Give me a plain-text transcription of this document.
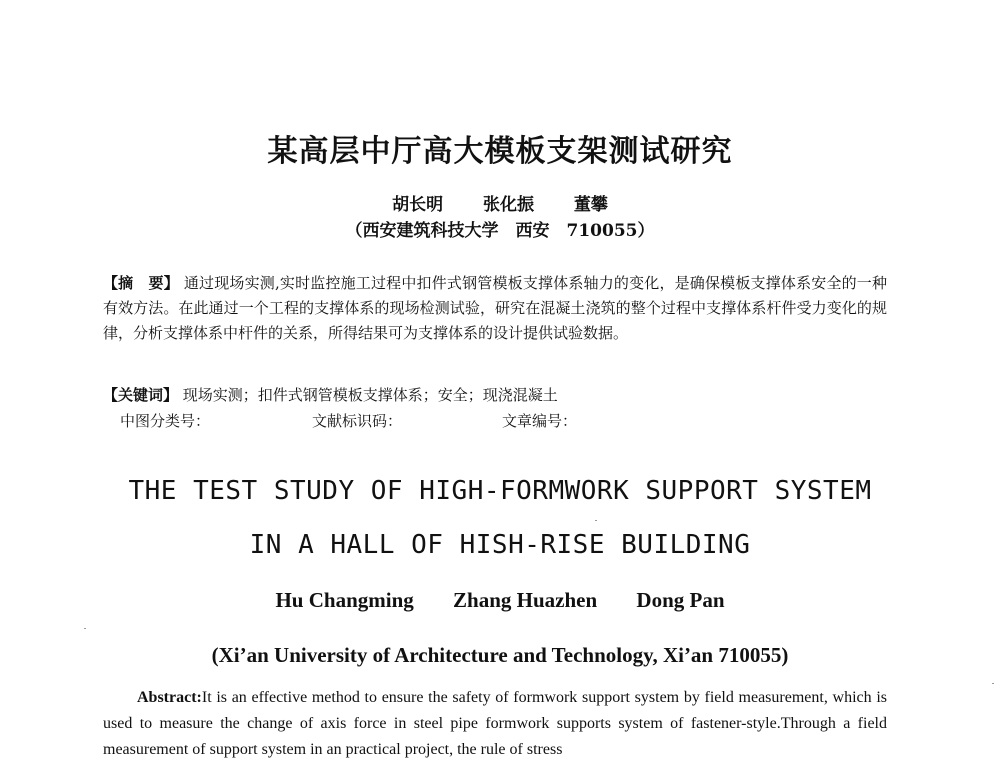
某高层中厅高大模板支架测试研究
胡长明 张化振 董攀
（西安建筑科技大学　西安　710055）
【摘　要】 通过现场实测,实时监控施工过程中扣件式钢管模板支撑体系轴力的变化，是确保模板支撑体系安全的一种有效方法。在此通过一个工程的支撑体系的现场检测试验，研究在混凝土浇筑的整个过程中支撑体系杆件受力变化的规律，分析支撑体系中杆件的关系，所得结果可为支撑体系的设计提供试验数据。
【关键词】 现场实测；扣件式钢管模板支撑体系；安全；现浇混凝土
中图分类号：	文献标识码：	文章编号：
THE TEST STUDY OF HIGH-FORMWORK SUPPORT SYSTEM
IN A HALL OF HISH-RISE BUILDING
Hu Changming Zhang Huazhen Dong Pan
(Xi’an University of Architecture and Technology, Xi’an 710055)
Abstract:It is an effective method to ensure the safety of formwork support system by field measurement, which is used to measure the change of axis force in steel pipe formwork supports system of fastener-style.Through a field measurement of support system in an practical project, the rule of stress
